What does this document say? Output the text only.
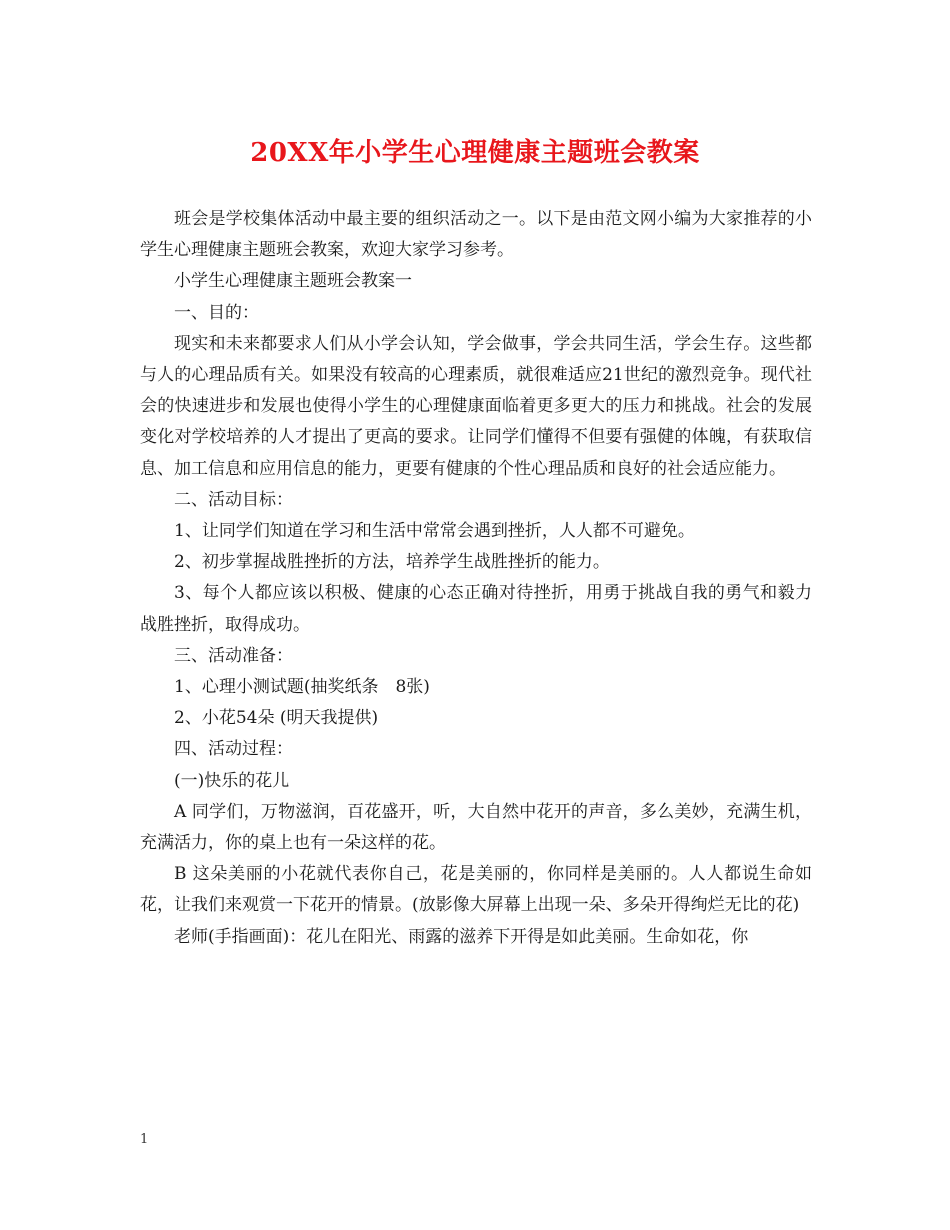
20XX年小学生心理健康主题班会教案

班会是学校集体活动中最主要的组织活动之一。以下是由范文网小编为大家推荐的小学生心理健康主题班会教案，欢迎大家学习参考。

小学生心理健康主题班会教案一

一、目的：

现实和未来都要求人们从小学会认知，学会做事，学会共同生活，学会生存。这些都与人的心理品质有关。如果没有较高的心理素质，就很难适应21世纪的激烈竞争。现代社会的快速进步和发展也使得小学生的心理健康面临着更多更大的压力和挑战。社会的发展变化对学校培养的人才提出了更高的要求。让同学们懂得不但要有强健的体魄，有获取信息、加工信息和应用信息的能力，更要有健康的个性心理品质和良好的社会适应能力。

二、活动目标：

1、让同学们知道在学习和生活中常常会遇到挫折，人人都不可避免。

2、初步掌握战胜挫折的方法，培养学生战胜挫折的能力。

3、每个人都应该以积极、健康的心态正确对待挫折，用勇于挑战自我的勇气和毅力战胜挫折，取得成功。

三、活动准备：

1、心理小测试题(抽奖纸条　8张)

2、小花54朵 (明天我提供)

四、活动过程：

(一)快乐的花儿

A 同学们，万物滋润，百花盛开，听，大自然中花开的声音，多么美妙，充满生机，充满活力，你的桌上也有一朵这样的花。

B 这朵美丽的小花就代表你自己，花是美丽的，你同样是美丽的。人人都说生命如花，让我们来观赏一下花开的情景。(放影像大屏幕上出现一朵、多朵开得绚烂无比的花)

老师(手指画面)：花儿在阳光、雨露的滋养下开得是如此美丽。生命如花，你

1
